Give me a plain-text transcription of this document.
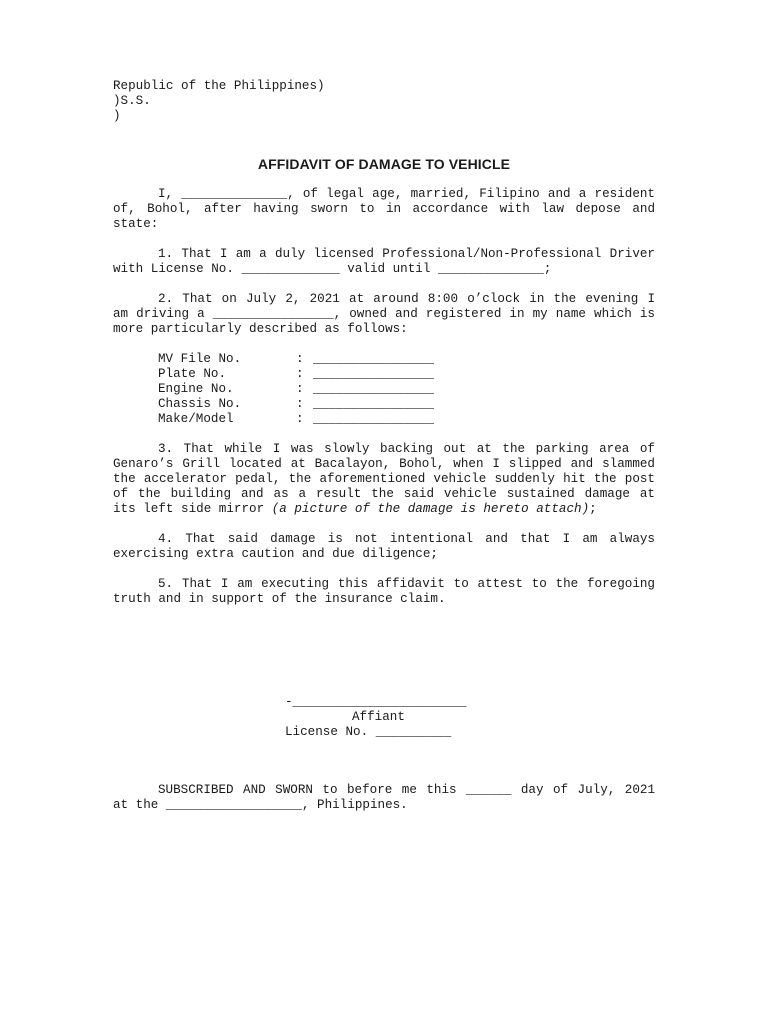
Republic of the Philippines)
)S.S.
)
AFFIDAVIT OF DAMAGE TO VEHICLE

I, ______________, of legal age, married, Filipino and a resident of, Bohol, after having sworn to in accordance with law depose and state:

1. That I am a duly licensed Professional/Non-Professional Driver with License No. _____________ valid until ______________;

2. That on July 2, 2021 at around 8:00 o’clock in the evening I am driving a ________________, owned and registered in my name which is more particularly described as follows:

MV File No.	:	________________
Plate No.	:	________________
Engine No.	:	________________
Chassis No.	:	________________
Make/Model	:	________________

3. That while I was slowly backing out at the parking area of Genaro’s Grill located at Bacalayon, Bohol, when I slipped and slammed the accelerator pedal, the aforementioned vehicle suddenly hit the post of the building and as a result the said vehicle sustained damage at its left side mirror (a picture of the damage is hereto attach);

4. That said damage is not intentional and that I am always exercising extra caution and due diligence;

5. That I am executing this affidavit to attest to the foregoing truth and in support of the insurance claim.

-_______________________
Affiant
License No. __________

SUBSCRIBED AND SWORN to before me this ______ day of July, 2021 at the __________________, Philippines.
